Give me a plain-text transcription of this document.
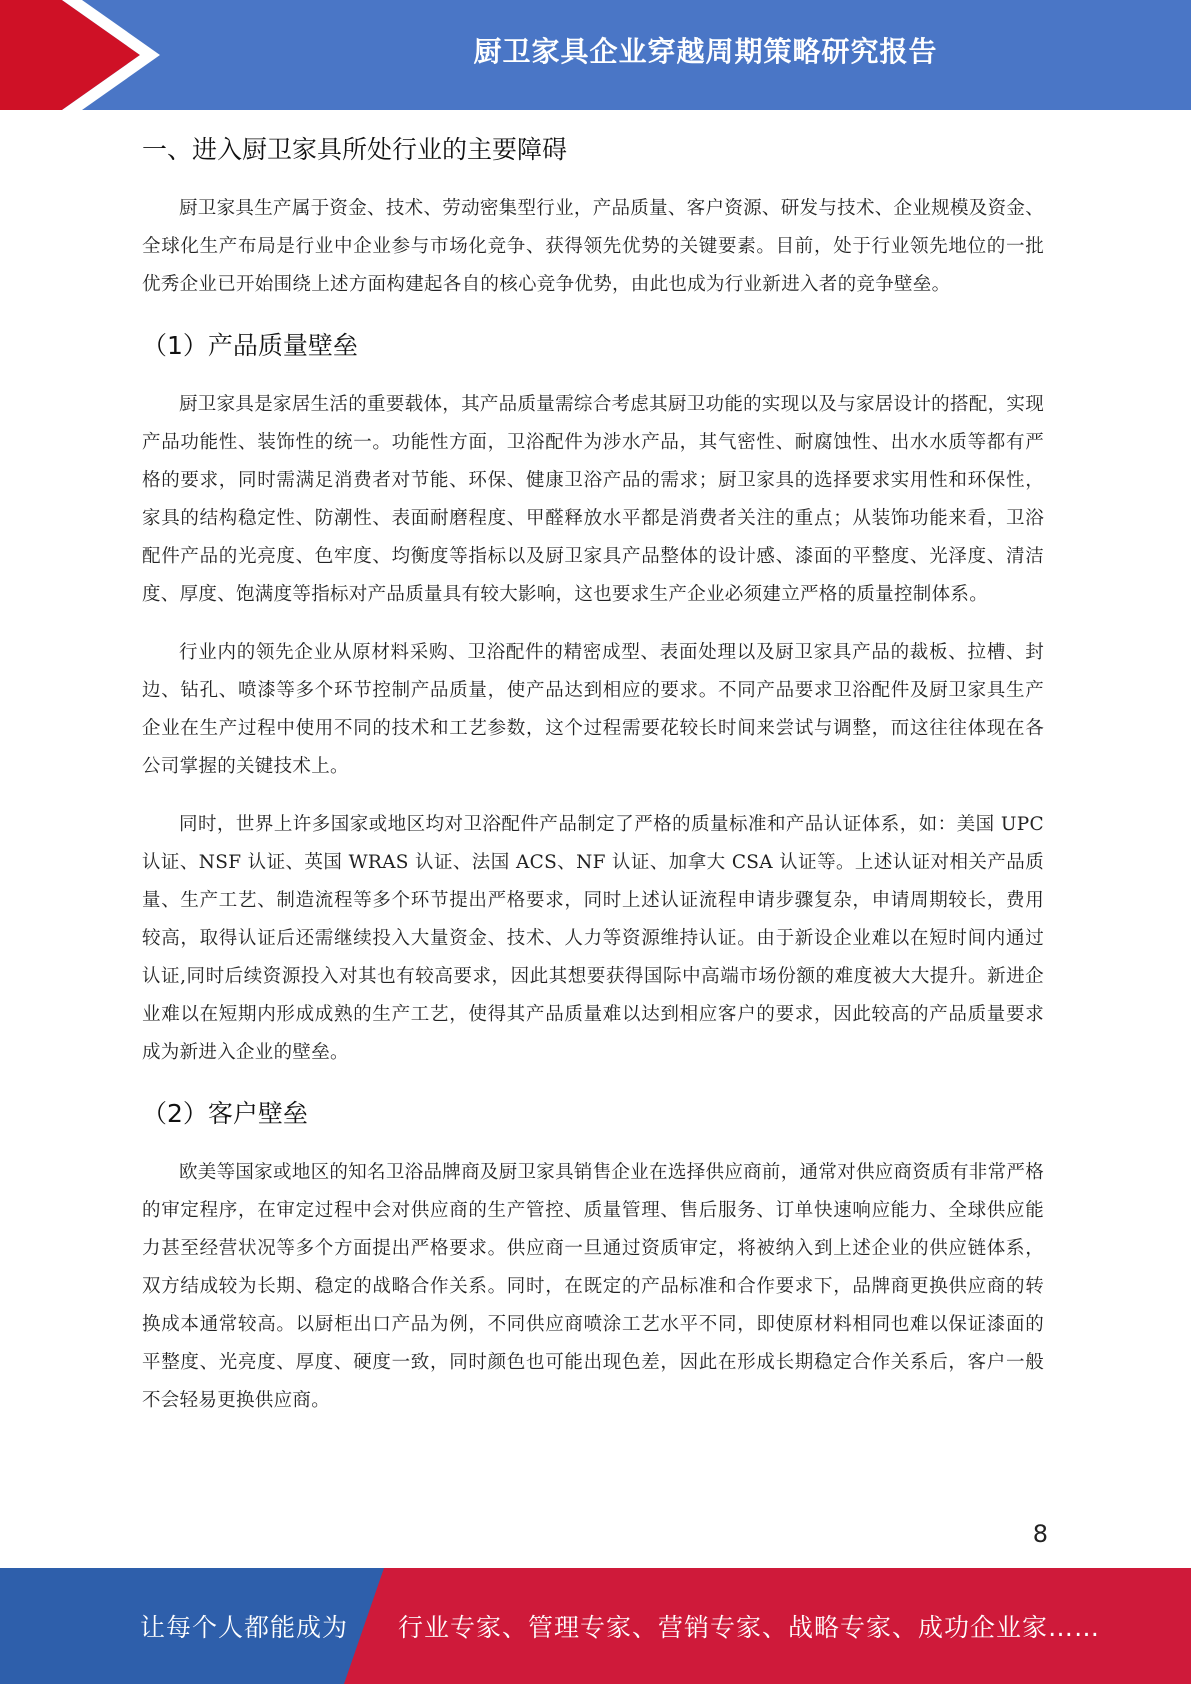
厨卫家具企业穿越周期策略研究报告
一、进入厨卫家具所处行业的主要障碍

厨卫家具生产属于资金、技术、劳动密集型行业，产品质量、客户资源、研发与技术、企业规模及资金、全球化生产布局是行业中企业参与市场化竞争、获得领先优势的关键要素。目前，处于行业领先地位的一批优秀企业已开始围绕上述方面构建起各自的核心竞争优势，由此也成为行业新进入者的竞争壁垒。

（1）产品质量壁垒

厨卫家具是家居生活的重要载体，其产品质量需综合考虑其厨卫功能的实现以及与家居设计的搭配，实现产品功能性、装饰性的统一。功能性方面，卫浴配件为涉水产品，其气密性、耐腐蚀性、出水水质等都有严格的要求，同时需满足消费者对节能、环保、健康卫浴产品的需求；厨卫家具的选择要求实用性和环保性，家具的结构稳定性、防潮性、表面耐磨程度、甲醛释放水平都是消费者关注的重点；从装饰功能来看，卫浴配件产品的光亮度、色牢度、均衡度等指标以及厨卫家具产品整体的设计感、漆面的平整度、光泽度、清洁度、厚度、饱满度等指标对产品质量具有较大影响，这也要求生产企业必须建立严格的质量控制体系。

行业内的领先企业从原材料采购、卫浴配件的精密成型、表面处理以及厨卫家具产品的裁板、拉槽、封边、钻孔、喷漆等多个环节控制产品质量，使产品达到相应的要求。不同产品要求卫浴配件及厨卫家具生产企业在生产过程中使用不同的技术和工艺参数，这个过程需要花较长时间来尝试与调整，而这往往体现在各公司掌握的关键技术上。

同时，世界上许多国家或地区均对卫浴配件产品制定了严格的质量标准和产品认证体系，如：美国 UPC 认证、NSF 认证、英国 WRAS 认证、法国 ACS、NF 认证、加拿大 CSA 认证等。上述认证对相关产品质量、生产工艺、制造流程等多个环节提出严格要求，同时上述认证流程申请步骤复杂，申请周期较长，费用较高，取得认证后还需继续投入大量资金、技术、人力等资源维持认证。由于新设企业难以在短时间内通过认证,同时后续资源投入对其也有较高要求，因此其想要获得国际中高端市场份额的难度被大大提升。新进企业难以在短期内形成成熟的生产工艺，使得其产品质量难以达到相应客户的要求，因此较高的产品质量要求成为新进入企业的壁垒。

（2）客户壁垒

欧美等国家或地区的知名卫浴品牌商及厨卫家具销售企业在选择供应商前，通常对供应商资质有非常严格的审定程序，在审定过程中会对供应商的生产管控、质量管理、售后服务、订单快速响应能力、全球供应能力甚至经营状况等多个方面提出严格要求。供应商一旦通过资质审定，将被纳入到上述企业的供应链体系，双方结成较为长期、稳定的战略合作关系。同时，在既定的产品标准和合作要求下，品牌商更换供应商的转换成本通常较高。以厨柜出口产品为例，不同供应商喷涂工艺水平不同，即使原材料相同也难以保证漆面的平整度、光亮度、厚度、硬度一致，同时颜色也可能出现色差，因此在形成长期稳定合作关系后，客户一般不会轻易更换供应商。

8
让每个人都能成为 行业专家、管理专家、营销专家、战略专家、成功企业家……
